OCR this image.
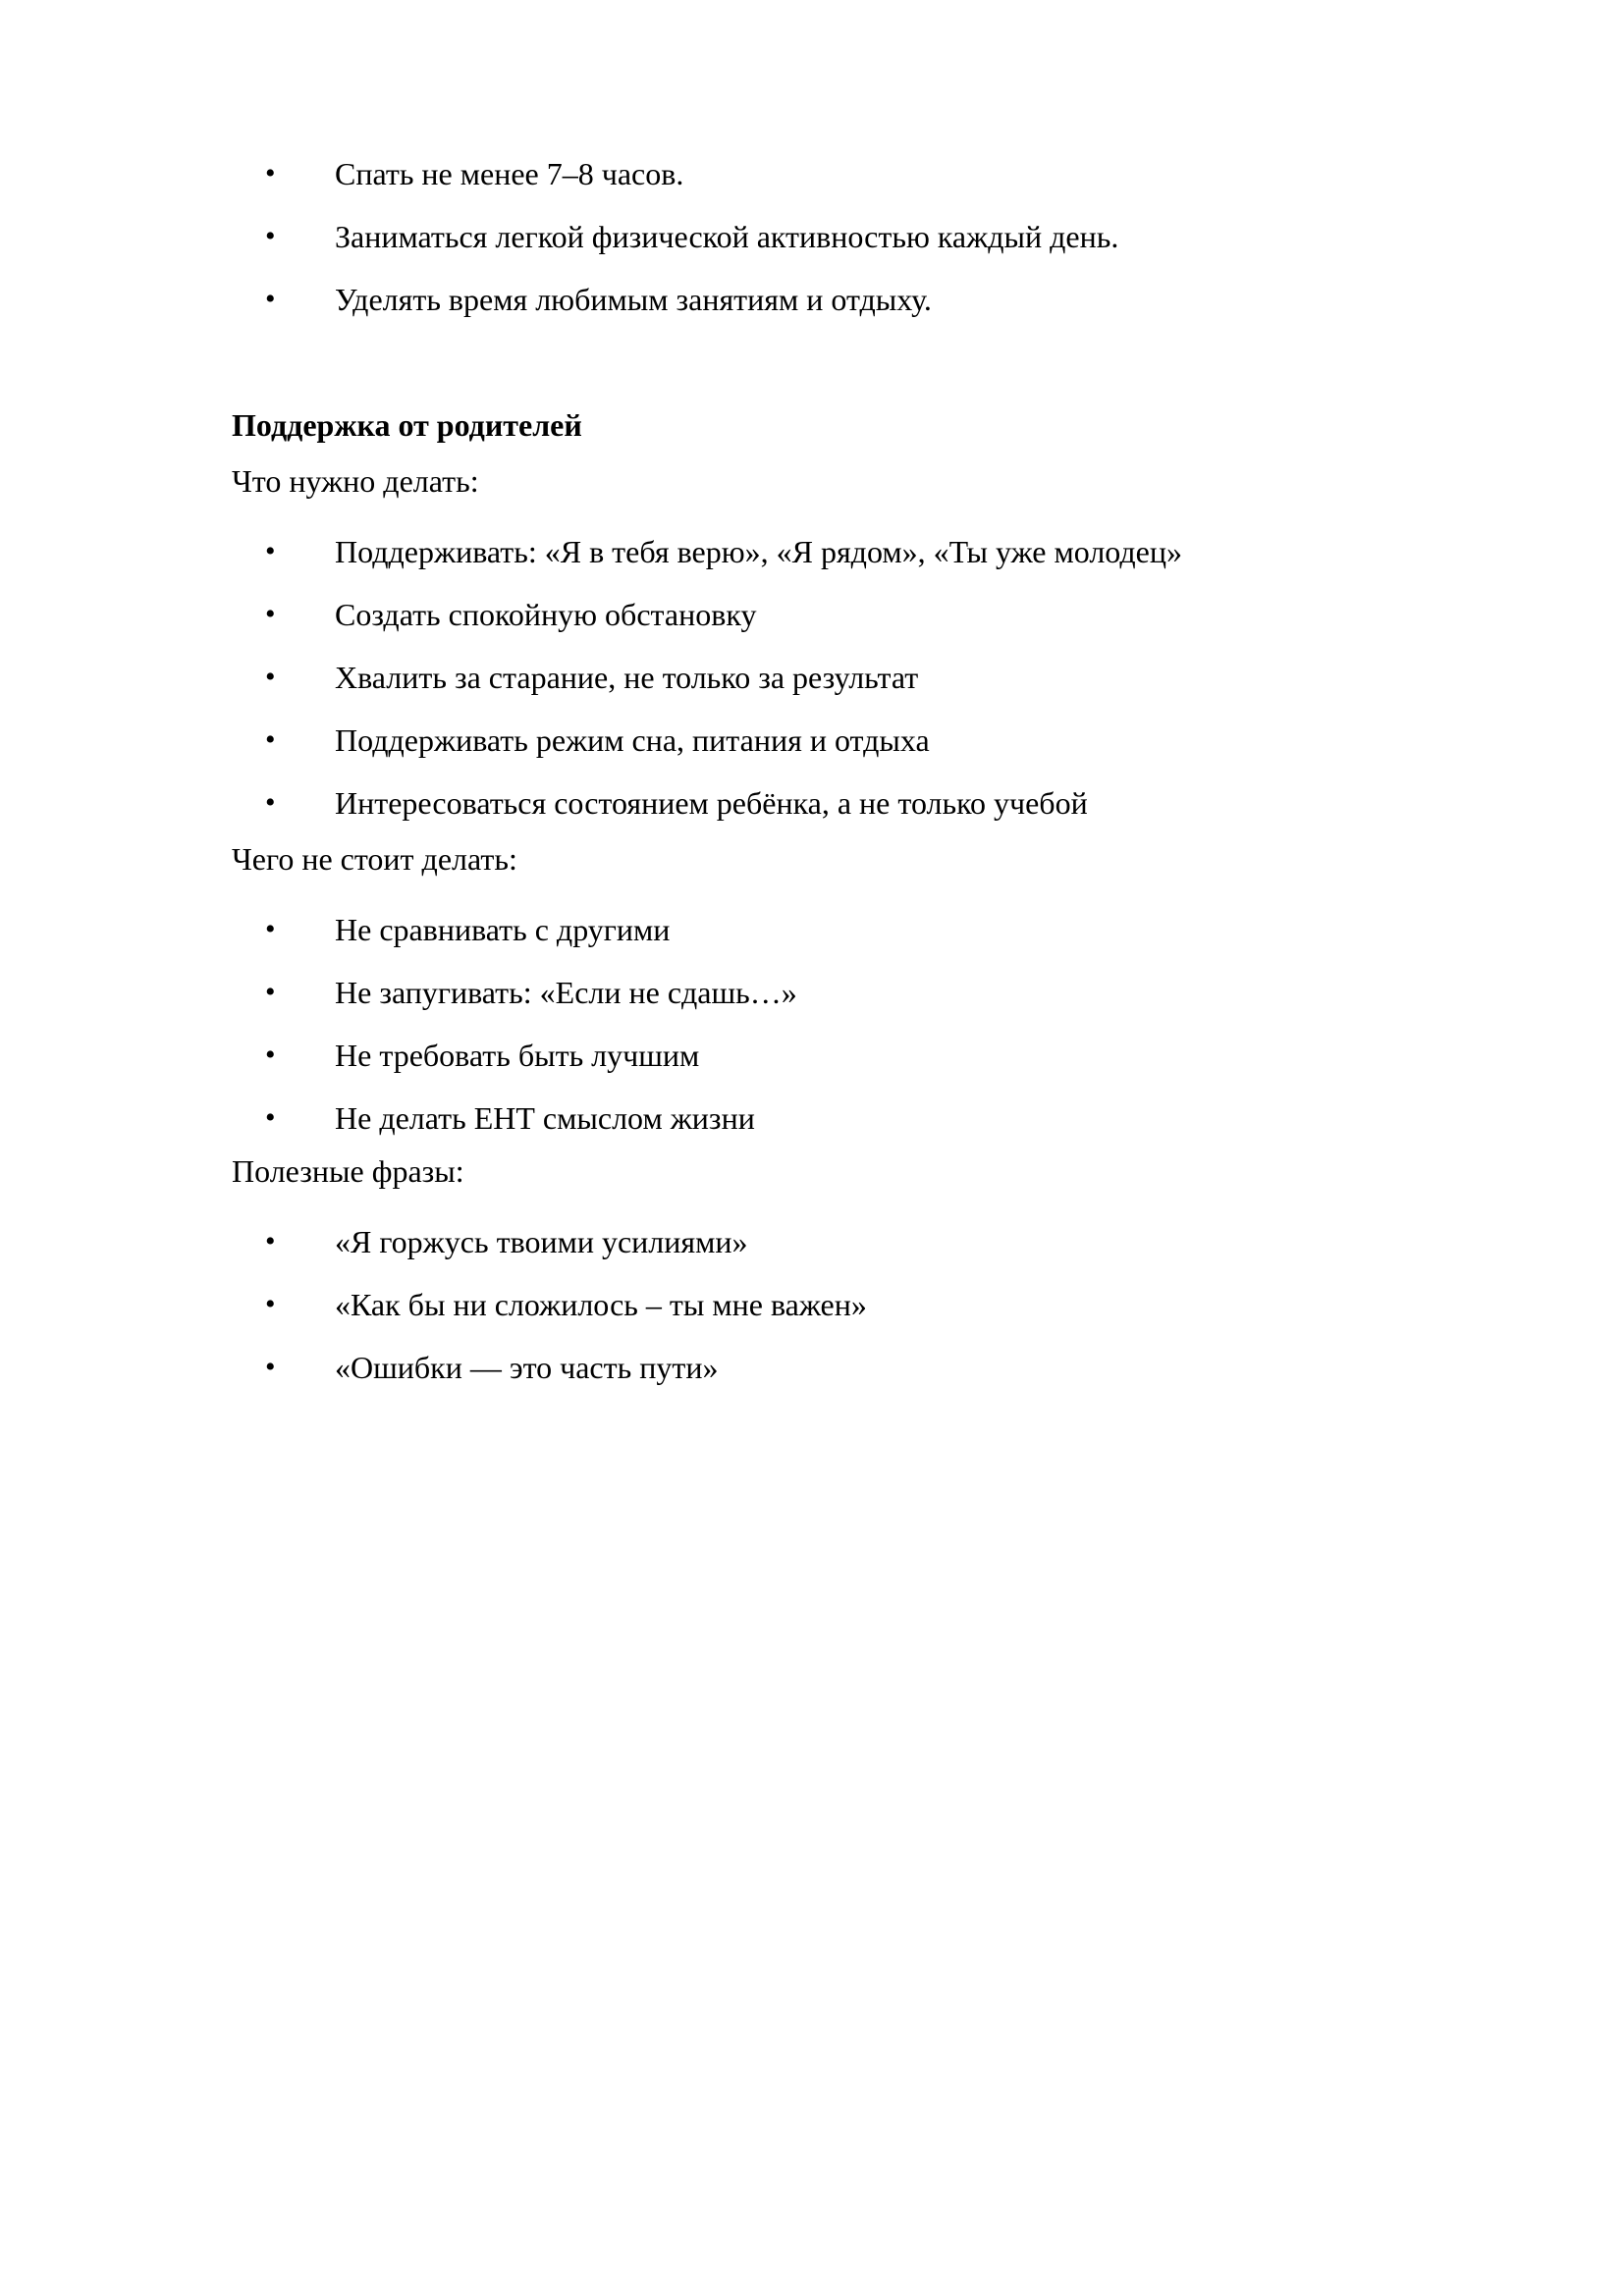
• Спать не менее 7–8 часов.
• Заниматься легкой физической активностью каждый день.
• Уделять время любимым занятиям и отдыху.
Поддержка от родителей
Что нужно делать:
• Поддерживать: «Я в тебя верю», «Я рядом», «Ты уже молодец»
• Создать спокойную обстановку
• Хвалить за старание, не только за результат
• Поддерживать режим сна, питания и отдыха
• Интересоваться состоянием ребёнка, а не только учебой
Чего не стоит делать:
• Не сравнивать с другими
• Не запугивать: «Если не сдашь…»
• Не требовать быть лучшим
• Не делать ЕНТ смыслом жизни
Полезные фразы:
• «Я горжусь твоими усилиями»
• «Как бы ни сложилось – ты мне важен»
• «Ошибки — это часть пути»
